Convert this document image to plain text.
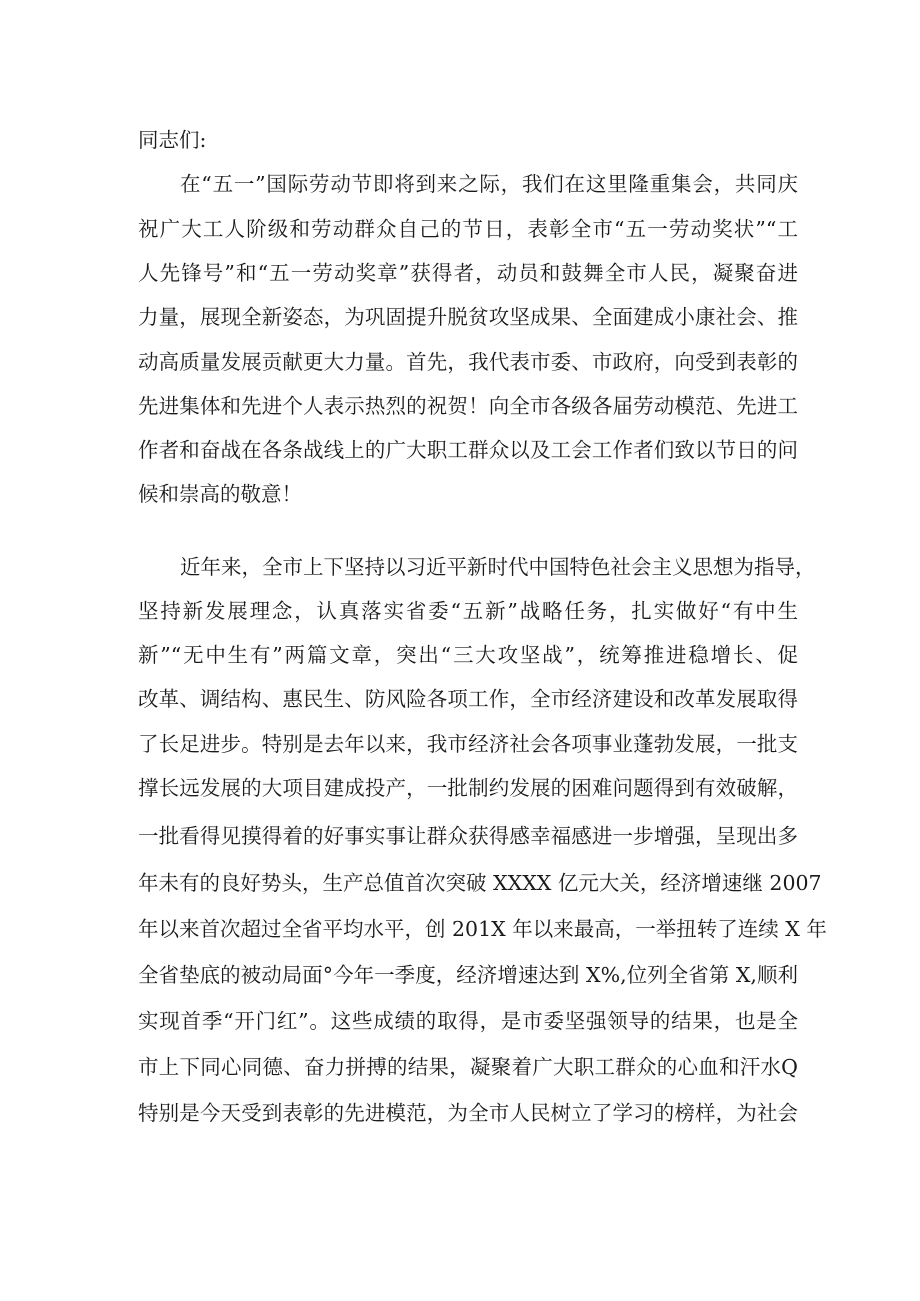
同志们:
在“五一”国际劳动节即将到来之际，我们在这里隆重集会，共同庆
祝广大工人阶级和劳动群众自己的节日，表彰全市“五一劳动奖状”“工
人先锋号”和“五一劳动奖章”获得者，动员和鼓舞全市人民，凝聚奋进
力量，展现全新姿态，为巩固提升脱贫攻坚成果、全面建成小康社会、推
动高质量发展贡献更大力量。首先，我代表市委、市政府，向受到表彰的
先进集体和先进个人表示热烈的祝贺！向全市各级各届劳动模范、先进工
作者和奋战在各条战线上的广大职工群众以及工会工作者们致以节日的问
候和崇高的敬意！
近年来，全市上下坚持以习近平新时代中国特色社会主义思想为指导，
坚持新发展理念，认真落实省委“五新”战略任务，扎实做好“有中生
新”“无中生有”两篇文章，突出“三大攻坚战”，统筹推进稳增长、促
改革、调结构、惠民生、防风险各项工作，全市经济建设和改革发展取得
了长足进步。特别是去年以来，我市经济社会各项事业蓬勃发展，一批支
撑长远发展的大项目建成投产，一批制约发展的困难问题得到有效破解，
一批看得见摸得着的好事实事让群众获得感幸福感进一步增强，呈现出多
年未有的良好势头，生产总值首次突破 XXXX 亿元大关，经济增速继 2007
年以来首次超过全省平均水平，创 201X 年以来最高，一举扭转了连续 X 年
全省垫底的被动局面°今年一季度，经济增速达到 X%,位列全省第 X,顺利
实现首季“开门红”。这些成绩的取得，是市委坚强领导的结果，也是全
市上下同心同德、奋力拼搏的结果，凝聚着广大职工群众的心血和汗水Q
特别是今天受到表彰的先进模范，为全市人民树立了学习的榜样，为社会
